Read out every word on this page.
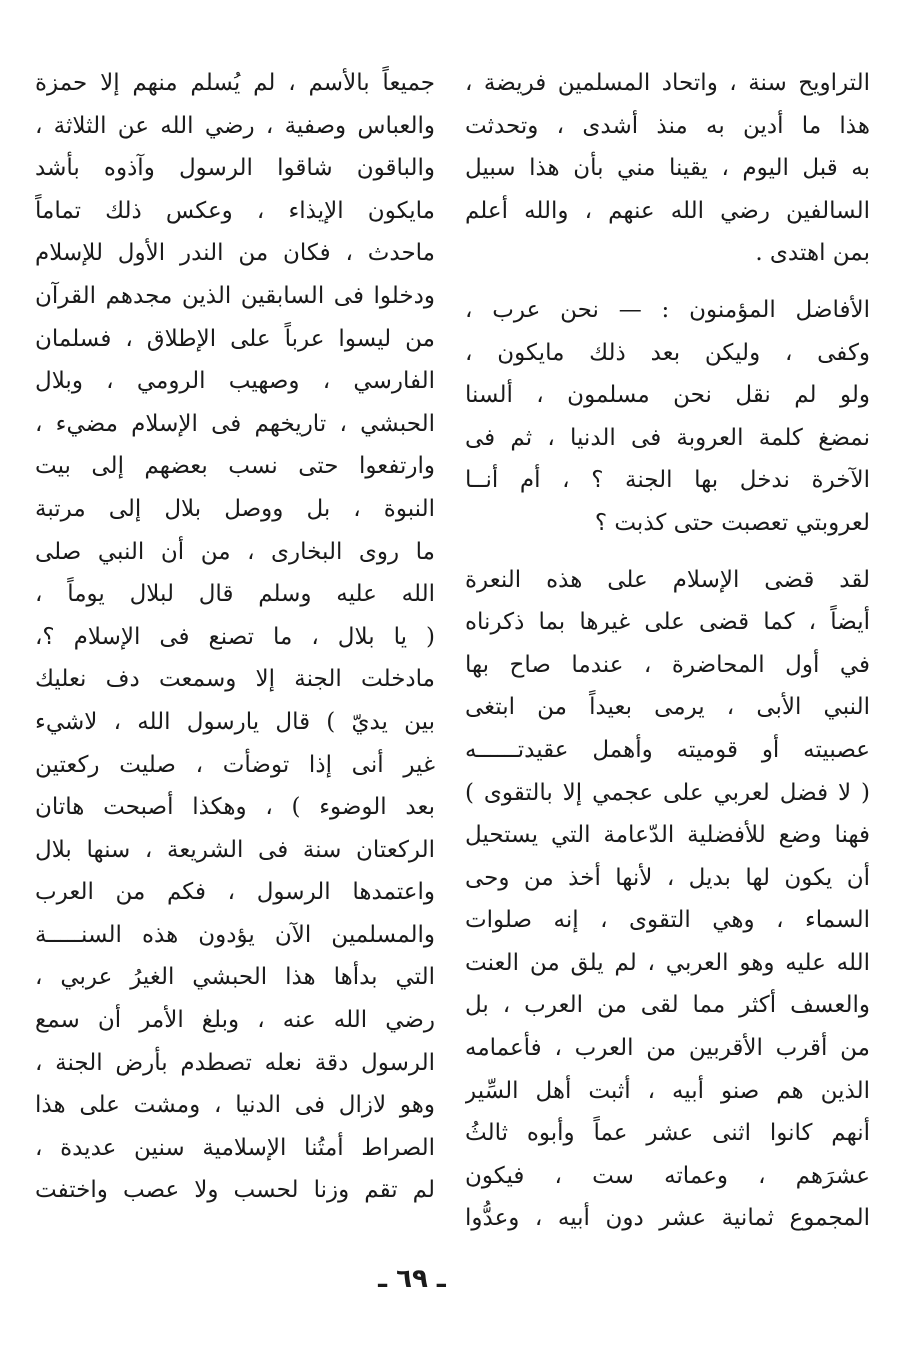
التراويح سنة ، واتحاد المسلمين فريضة ،
هذا ما أدين به منذ أشدى ، وتحدثت
به قبل اليوم ، يقينا مني بأن هذا سبيل
السالفين رضي الله عنهم ، والله أعلم
بمن اهتدى .
الأفاضل المؤمنون : — نحن عرب ،
وكفى ، وليكن بعد ذلك مايكون ،
ولو لم نقل نحن مسلمون ، ألسنا
نمضغ كلمة العروبة فى الدنيا ، ثم فى
الآخرة ندخل بها الجنة ؟ ، أم أنــا
لعروبتي تعصبت حتى كذبت ؟
لقد قضى الإسلام على هذه النعرة
أيضاً ، كما قضى على غيرها بما ذكرناه
في أول المحاضرة ، عندما صاح بها
النبي الأبى ، يرمى بعيداً من ابتغى
عصبيته أو قوميته وأهمل عقيدتــــــه
( لا فضل لعربي على عجمي إلا بالتقوى )
فهنا وضع للأفضلية الدّعامة التي يستحيل
أن يكون لها بديل ، لأنها أخذ من وحى
السماء ، وهي التقوى ، إنه صلوات
الله عليه وهو العربي ، لم يلق من العنت
والعسف أكثر مما لقى من العرب ، بل
من أقرب الأقربين من العرب ، فأعمامه
الذين هم صنو أبيه ، أثبت أهل السِّير
أنهم كانوا اثنى عشر عماً وأبوه ثالثُ
عشرَهم ، وعماته ست ، فيكون
المجموع ثمانية عشر دون أبيه ، وعدُّوا
جميعاً بالأسم ، لم يُسلم منهم إلا حمزة
والعباس وصفية ، رضي الله عن الثلاثة ،
والباقون شاقوا الرسول وآذوه بأشد
مايكون الإيذاء ، وعكس ذلك تماماً
ماحدث ، فكان من الندر الأول للإسلام
ودخلوا فى السابقين الذين مجدهم القرآن
من ليسوا عرباً على الإطلاق ، فسلمان
الفارسي ، وصهيب الرومي ، وبلال
الحبشي ، تاريخهم فى الإسلام مضيء ،
وارتفعوا حتى نسب بعضهم إلى بيت
النبوة ، بل ووصل بلال إلى مرتبة
ما روى البخارى ، من أن النبي صلى
الله عليه وسلم قال لبلال يوماً ،
( يا بلال ، ما تصنع فى الإسلام ؟،
مادخلت الجنة إلا وسمعت دف نعليك
بين يديّ ) قال يارسول الله ، لاشيء
غير أنى إذا توضأت ، صليت ركعتين
بعد الوضوء ) ، وهكذا أصبحت هاتان
الركعتان سنة فى الشريعة ، سنها بلال
واعتمدها الرسول ، فكم من العرب
والمسلمين الآن يؤدون هذه السنـــــة
التي بدأها هذا الحبشي الغيرُ عربي ،
رضي الله عنه ، وبلغ الأمر أن سمع
الرسول دقة نعله تصطدم بأرض الجنة ،
وهو لازال فى الدنيا ، ومشت على هذا
الصراط أمتُنا الإسلامية سنين عديدة ،
لم تقم وزنا لحسب ولا عصب واختفت
ـ ٦٩ ـ
